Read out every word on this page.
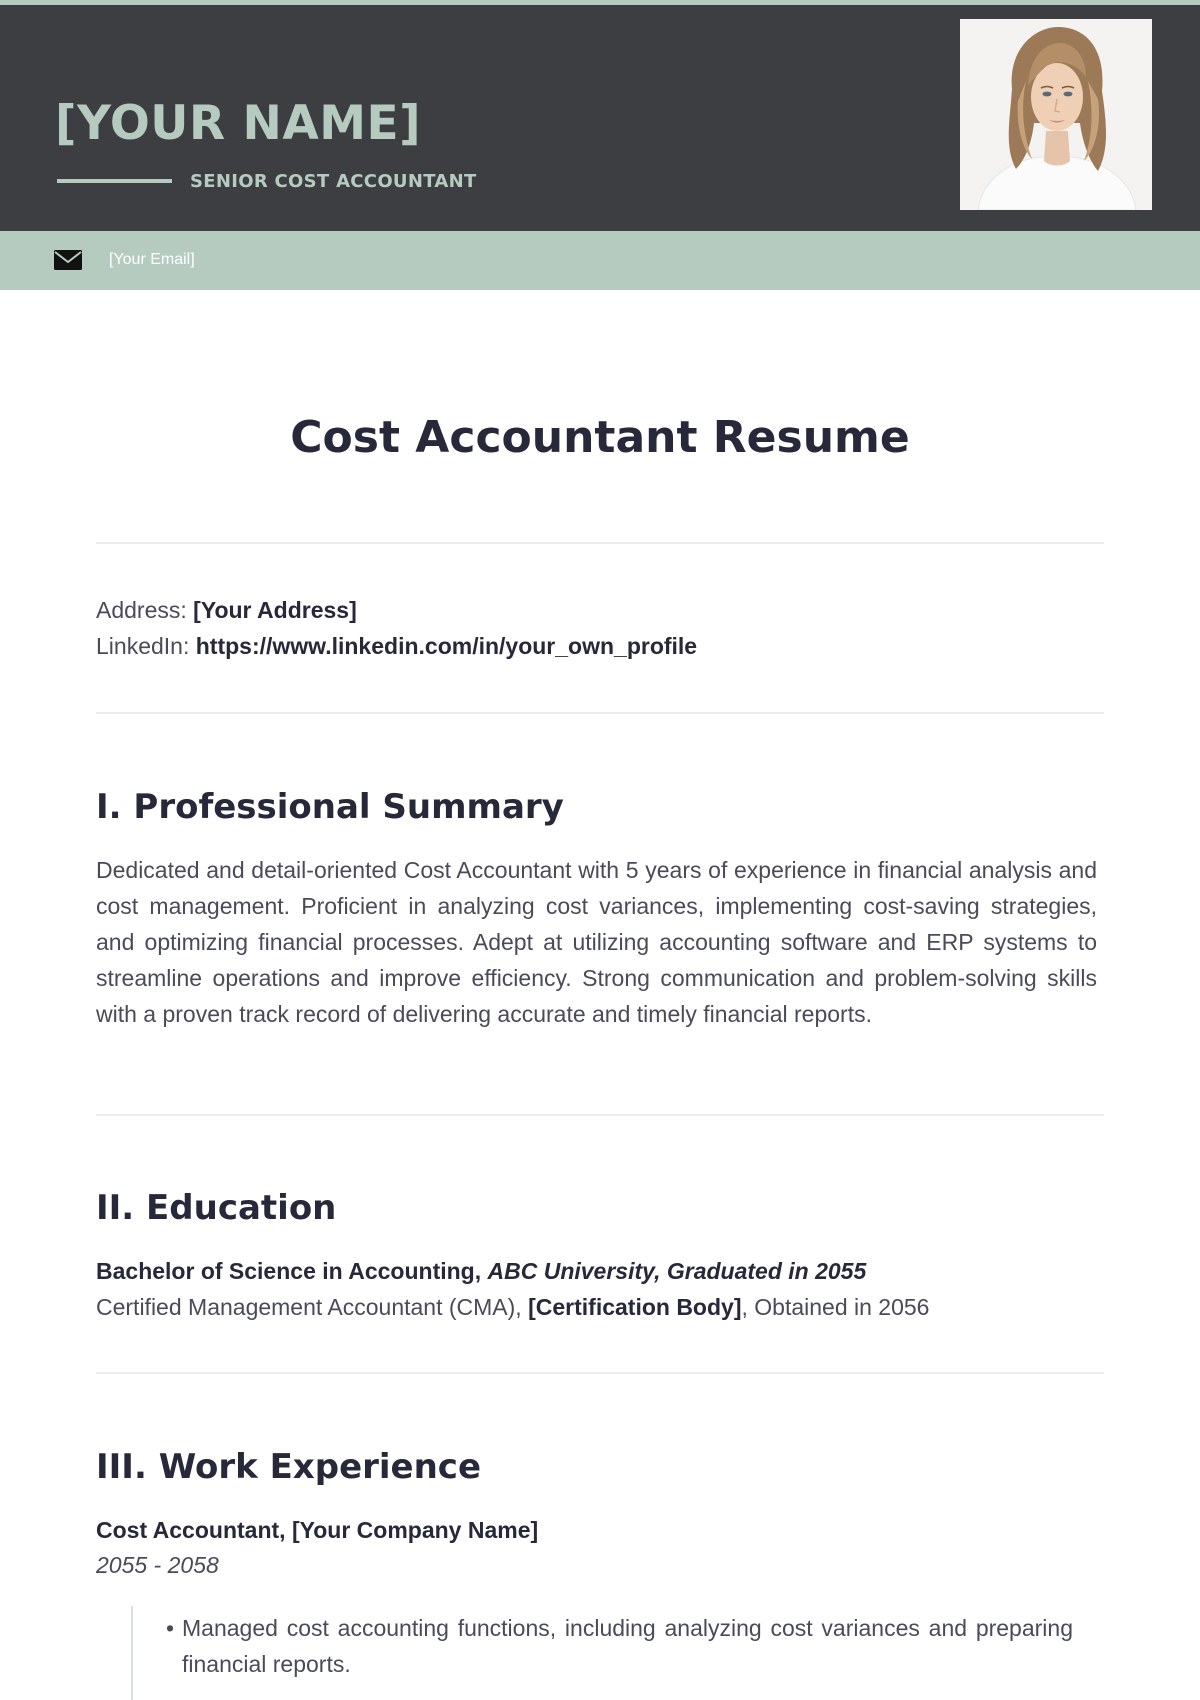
[YOUR NAME]
SENIOR COST ACCOUNTANT
[Your Email]
Cost Accountant Resume
Address: [Your Address]
LinkedIn: https://www.linkedin.com/in/your_own_profile
I. Professional Summary
Dedicated and detail-oriented Cost Accountant with 5 years of experience in financial analysis and cost management. Proficient in analyzing cost variances, implementing cost-saving strategies, and optimizing financial processes. Adept at utilizing accounting software and ERP systems to streamline operations and improve efficiency. Strong communication and problem-solving skills with a proven track record of delivering accurate and timely financial reports.
II. Education
Bachelor of Science in Accounting, ABC University, Graduated in 2055
Certified Management Accountant (CMA), [Certification Body], Obtained in 2056
III. Work Experience
Cost Accountant, [Your Company Name]
2055 - 2058
• Managed cost accounting functions, including analyzing cost variances and preparing financial reports.
